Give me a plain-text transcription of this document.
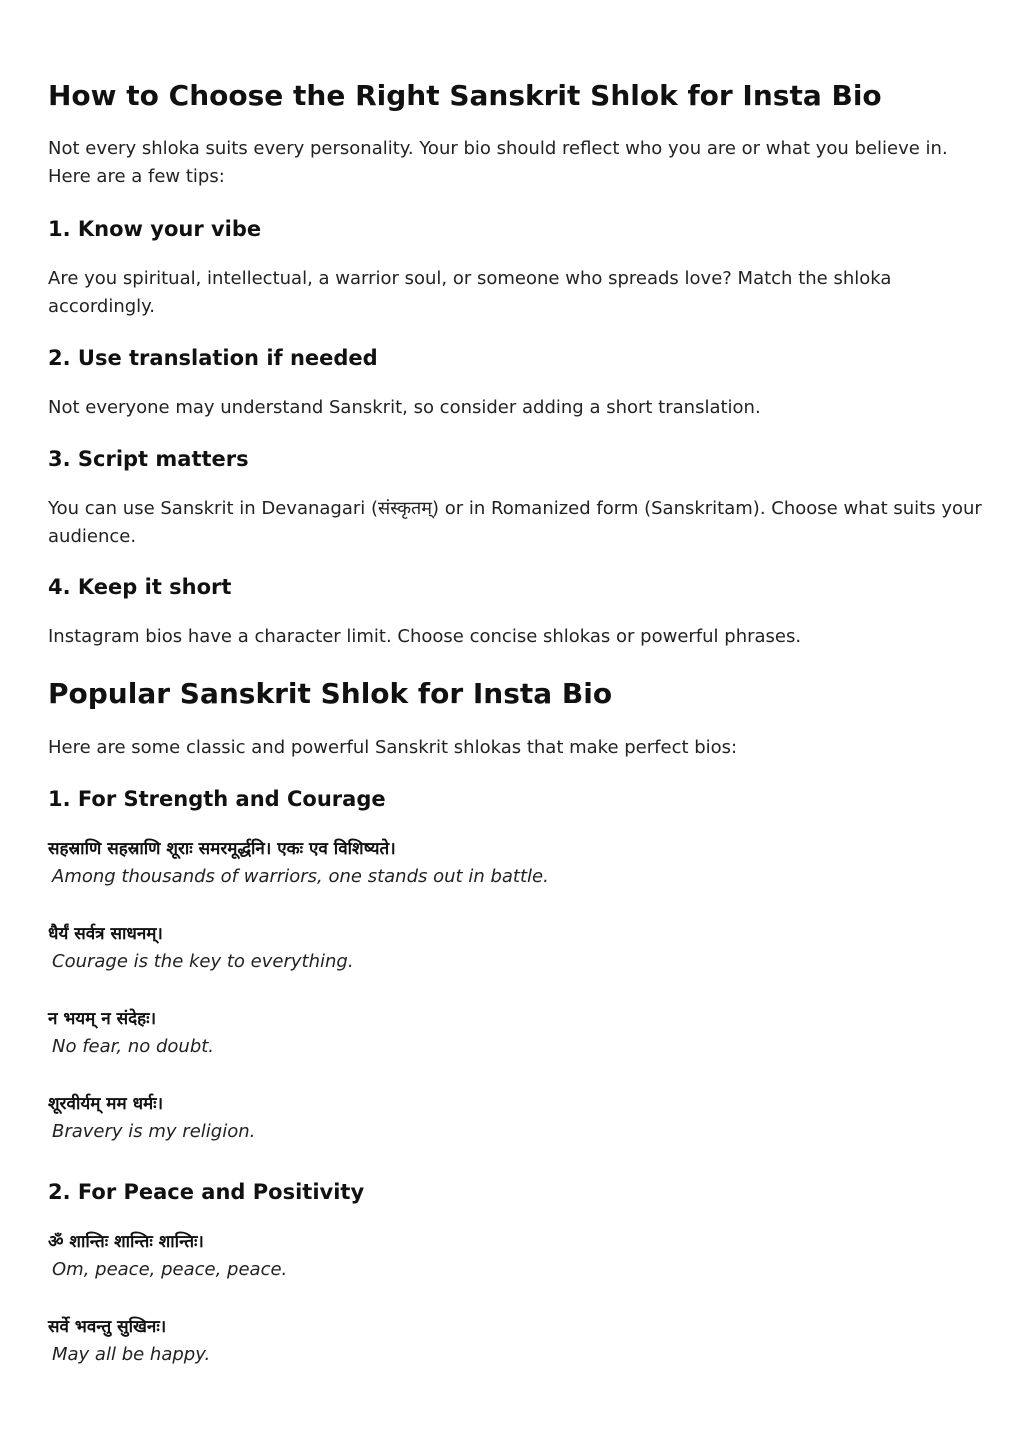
How to Choose the Right Sanskrit Shlok for Insta Bio

Not every shloka suits every personality. Your bio should reflect who you are or what you believe in. Here are a few tips:

1. Know your vibe

Are you spiritual, intellectual, a warrior soul, or someone who spreads love? Match the shloka accordingly.

2. Use translation if needed

Not everyone may understand Sanskrit, so consider adding a short translation.

3. Script matters

You can use Sanskrit in Devanagari (संस्कृतम्) or in Romanized form (Sanskritam). Choose what suits your audience.

4. Keep it short

Instagram bios have a character limit. Choose concise shlokas or powerful phrases.

Popular Sanskrit Shlok for Insta Bio

Here are some classic and powerful Sanskrit shlokas that make perfect bios:

1. For Strength and Courage
सहस्राणि सहस्राणि शूराः समरमूर्द्धनि। एकः एव विशिष्यते।
Among thousands of warriors, one stands out in battle.
धैर्यं सर्वत्र साधनम्।
Courage is the key to everything.
न भयम् न संदेहः।
No fear, no doubt.
शूरवीर्यम् मम धर्मः।
Bravery is my religion.
2. For Peace and Positivity
ॐ शान्तिः शान्तिः शान्तिः।
Om, peace, peace, peace.
सर्वे भवन्तु सुखिनः।
May all be happy.
